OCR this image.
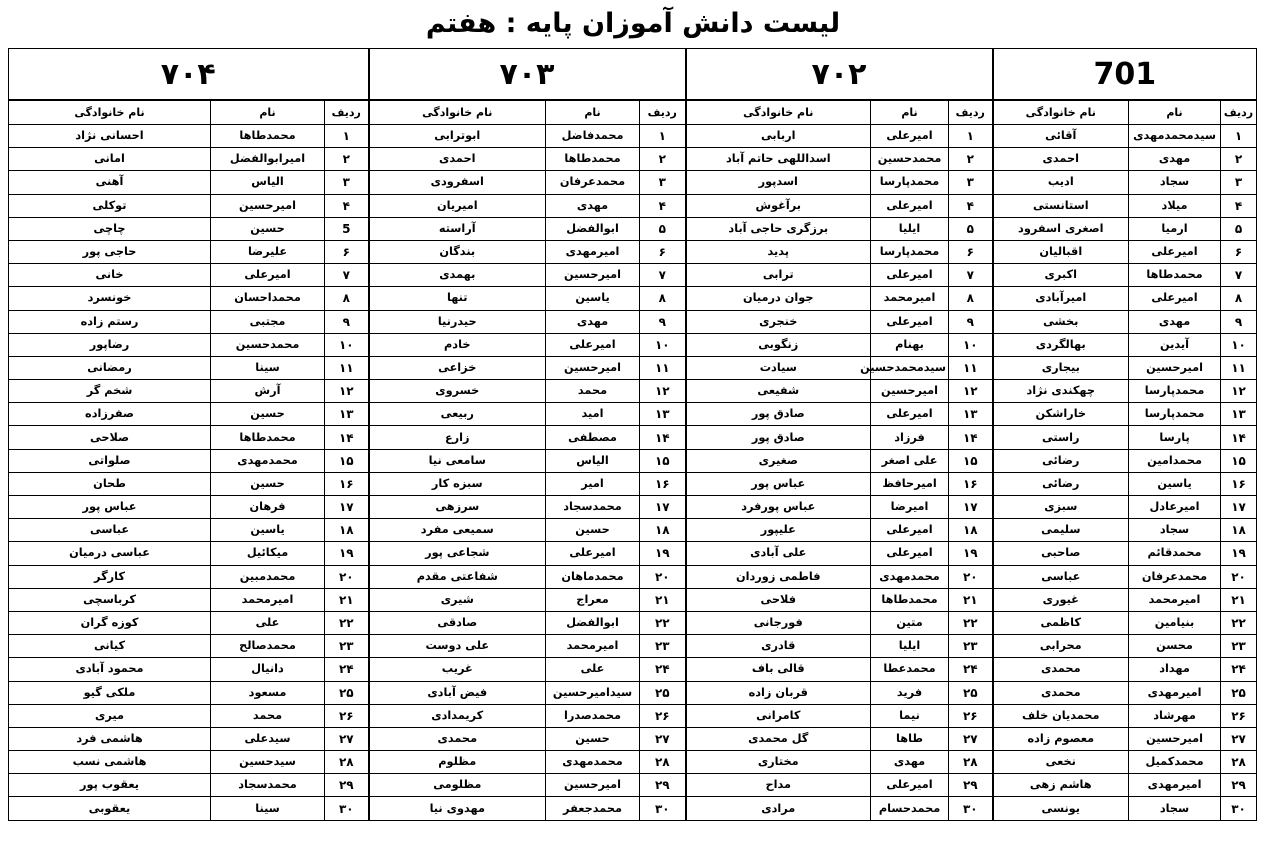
لیست دانش آموزان پایه : هفتم
701			۷۰۲			۷۰۳			۷۰۴		
ردیف	نام	نام خانوادگی	ردیف	نام	نام خانوادگی	ردیف	نام	نام خانوادگی	ردیف	نام	نام خانوادگی
۱	سیدمحمدمهدی	آقائی	۱	امیرعلی	اربابی	۱	محمدفاضل	ابوترابی	۱	محمدطاها	احسانی نژاد
۲	مهدی	احمدی	۲	محمدحسین	اسداللهی حاتم آباد	۲	محمدطاها	احمدی	۲	امیرابوالفضل	امانی
۳	سجاد	ادیب	۳	محمدپارسا	اسدپور	۳	محمدعرفان	اسفرودی	۳	الیاس	آهنی
۴	میلاد	استانستی	۴	امیرعلی	برآغوش	۴	مهدی	امیریان	۴	امیرحسین	توکلی
۵	ارمیا	اصغری اسفرود	۵	ایلیا	برزگری حاجی آباد	۵	ابوالفضل	آراسته	5	حسین	چاچی
۶	امیرعلی	اقبالیان	۶	محمدپارسا	پدید	۶	امیرمهدی	بندگان	۶	علیرضا	حاجی پور
۷	محمدطاها	اکبری	۷	امیرعلی	ترابی	۷	امیرحسین	بهمدی	۷	امیرعلی	خانی
۸	امیرعلی	امیرآبادی	۸	امیرمحمد	جوان درمیان	۸	یاسین	تنها	۸	محمداحسان	خونسرد
۹	مهدی	بخشی	۹	امیرعلی	خنجری	۹	مهدی	حیدرنیا	۹	مجتبی	رستم زاده
۱۰	آیدین	بهالگردی	۱۰	بهنام	زنگوبی	۱۰	امیرعلی	خادم	۱۰	محمدحسین	رضاپور
۱۱	امیرحسین	بیجاری	۱۱	سیدمحمدحسین	سیادت	۱۱	امیرحسین	خزاعی	۱۱	سینا	رمضانی
۱۲	محمدپارسا	چهکندی نژاد	۱۲	امیرحسین	شفیعی	۱۲	محمد	خسروی	۱۲	آرش	شخم گر
۱۳	محمدپارسا	خاراشکن	۱۳	امیرعلی	صادق پور	۱۳	امید	ربیعی	۱۳	حسین	صفرزاده
۱۴	پارسا	راستی	۱۴	فرزاد	صادق پور	۱۴	مصطفی	زارع	۱۴	محمدطاها	صلاحی
۱۵	محمدامین	رضائی	۱۵	علی اصغر	صغیری	۱۵	الیاس	سامعی نیا	۱۵	محمدمهدی	صلواتی
۱۶	یاسین	رضائی	۱۶	امیرحافظ	عباس پور	۱۶	امیر	سبزه کار	۱۶	حسین	طحان
۱۷	امیرعادل	سبزی	۱۷	امیرضا	عباس پورفرد	۱۷	محمدسجاد	سرزهی	۱۷	فرهان	عباس پور
۱۸	سجاد	سلیمی	۱۸	امیرعلی	علیپور	۱۸	حسین	سمیعی مفرد	۱۸	یاسین	عباسی
۱۹	محمدقائم	صاحبی	۱۹	امیرعلی	علی آبادی	۱۹	امیرعلی	شجاعی پور	۱۹	میکائیل	عباسی درمیان
۲۰	محمدعرفان	عباسی	۲۰	محمدمهدی	فاطمی زوردان	۲۰	محمدماهان	شفاعتی مقدم	۲۰	محمدمبین	کارگر
۲۱	امیرمحمد	غیوری	۲۱	محمدطاها	فلاحی	۲۱	معراج	شیری	۲۱	امیرمحمد	کرباسچی
۲۲	بنیامین	کاظمی	۲۲	متین	فورجانی	۲۲	ابوالفضل	صادقی	۲۲	علی	کوزه گران
۲۳	محسن	محرابی	۲۳	ایلیا	قادری	۲۳	امیرمحمد	علی دوست	۲۳	محمدصالح	کیانی
۲۴	مهداد	محمدی	۲۴	محمدعطا	قالی باف	۲۴	علی	غریب	۲۴	دانیال	محمود آبادی
۲۵	امیرمهدی	محمدی	۲۵	فرید	قربان زاده	۲۵	سیدامیرحسین	فیض آبادی	۲۵	مسعود	ملکی گیو
۲۶	مهرشاد	محمدیان خلف	۲۶	نیما	کامرانی	۲۶	محمدصدرا	کریمدادی	۲۶	محمد	میری
۲۷	امیرحسین	معصوم زاده	۲۷	طاها	گل محمدی	۲۷	حسین	محمدی	۲۷	سیدعلی	هاشمی فرد
۲۸	محمدکمیل	نخعی	۲۸	مهدی	مختاری	۲۸	محمدمهدی	مظلوم	۲۸	سیدحسین	هاشمی نسب
۲۹	امیرمهدی	هاشم زهی	۲۹	امیرعلی	مداح	۲۹	امیرحسین	مظلومی	۲۹	محمدسجاد	یعقوب پور
۳۰	سجاد	یونسی	۳۰	محمدحسام	مرادی	۳۰	محمدجعفر	مهدوی نیا	۳۰	سینا	یعقوبی
